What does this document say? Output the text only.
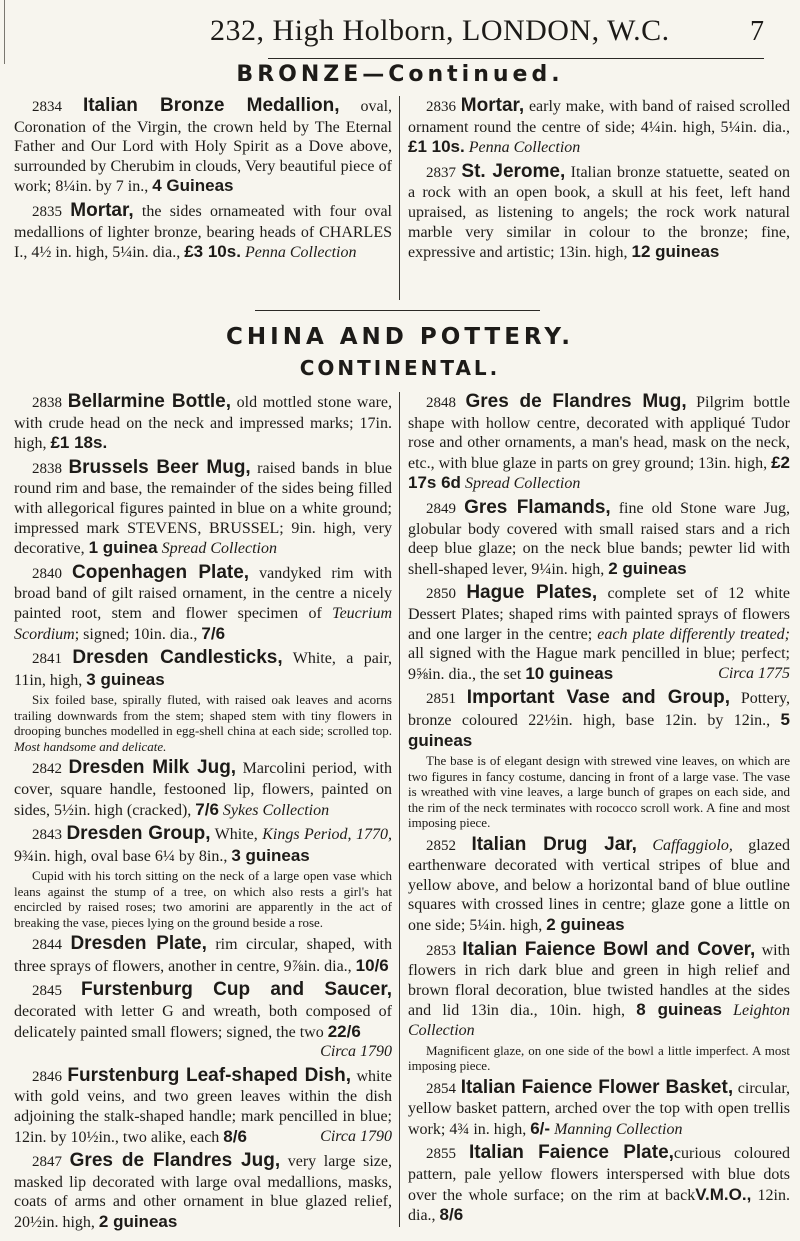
232, High Holborn, LONDON, W.C.	7
BRONZE—Continued.

2834 Italian Bronze Medallion, oval, Coronation of the Virgin, the crown held by The Eternal Father and Our Lord with Holy Spirit as a Dove above, surrounded by Cherubim in clouds, Very beautiful piece of work; 8¼in. by 7 in., 4 Guineas

2835 Mortar, the sides ornameated with four oval medallions of lighter bronze, bearing heads of CHARLES I., 4½ in. high, 5¼in. dia., £3 10s. Penna Collection

2836 Mortar, early make, with band of raised scrolled ornament round the centre of side; 4¼in. high, 5¼in. dia., £1 10s. Penna Collection

2837 St. Jerome, Italian bronze statuette, seated on a rock with an open book, a skull at his feet, left hand upraised, as listening to angels; the rock work natural marble very similar in colour to the bronze; fine, expressive and artistic; 13in. high, 12 guineas

CHINA AND POTTERY.
CONTINENTAL.

2838 Bellarmine Bottle, old mottled stone ware, with crude head on the neck and impressed marks; 17in. high, £1 18s.

2838 Brussels Beer Mug, raised bands in blue round rim and base, the remainder of the sides being filled with allegorical figures painted in blue on a white ground; impressed mark STEVENS, BRUSSEL; 9in. high, very decorative, 1 guinea Spread Collection

2840 Copenhagen Plate, vandyked rim with broad band of gilt raised ornament, in the centre a nicely painted root, stem and flower specimen of Teucrium Scordium; signed; 10in. dia., 7/6

2841 Dresden Candlesticks, White, a pair, 11in, high, 3 guineas

Six foiled base, spirally fluted, with raised oak leaves and acorns trailing downwards from the stem; shaped stem with tiny flowers in drooping bunches modelled in egg-shell china at each side; scrolled top. Most handsome and delicate.

2842 Dresden Milk Jug, Marcolini period, with cover, square handle, festooned lip, flowers, painted on sides, 5½in. high (cracked), 7/6 Sykes Collection

2843 Dresden Group, White, Kings Period, 1770, 9¾in. high, oval base 6¼ by 8in., 3 guineas

Cupid with his torch sitting on the neck of a large open vase which leans against the stump of a tree, on which also rests a girl's hat encircled by raised roses; two amorini are apparently in the act of breaking the vase, pieces lying on the ground beside a rose.

2844 Dresden Plate, rim circular, shaped, with three sprays of flowers, another in centre, 9⅞in. dia., 10/6

2845 Furstenburg Cup and Saucer, decorated with letter G and wreath, both composed of delicately painted small flowers; signed, the two 22/6
Circa 1790

2846 Furstenburg Leaf-shaped Dish, white with gold veins, and two green leaves within the dish adjoining the stalk-shaped handle; mark pencilled in blue; 12in. by 10½in., two alike, each 8/6	Circa 1790

2847 Gres de Flandres Jug, very large size, masked lip decorated with large oval medallions, masks, coats of arms and other ornament in blue glazed relief, 20½in. high, 2 guineas

2848 Gres de Flandres Mug, Pilgrim bottle shape with hollow centre, decorated with appliqué Tudor rose and other ornaments, a man's head, mask on the neck, etc., with blue glaze in parts on grey ground; 13in. high, £2 17s 6d Spread Collection

2849 Gres Flamands, fine old Stone ware Jug, globular body covered with small raised stars and a rich deep blue glaze; on the neck blue bands; pewter lid with shell-shaped lever, 9¼in. high, 2 guineas

2850 Hague Plates, complete set of 12 white Dessert Plates; shaped rims with painted sprays of flowers and one larger in the centre; each plate differently treated; all signed with the Hague mark pencilled in blue; perfect; 9⅝in. dia., the set 10 guineas	Circa 1775

2851 Important Vase and Group, Pottery, bronze coloured 22½in. high, base 12in. by 12in., 5 guineas

The base is of elegant design with strewed vine leaves, on which are two figures in fancy costume, dancing in front of a large vase. The vase is wreathed with vine leaves, a large bunch of grapes on each side, and the rim of the neck terminates with rococco scroll work. A fine and most imposing piece.

2852 Italian Drug Jar, Caffaggiolo, glazed earthenware decorated with vertical stripes of blue and yellow above, and below a horizontal band of blue outline squares with crossed lines in centre; glaze gone a little on one side; 5¼in. high, 2 guineas

2853 Italian Faience Bowl and Cover, with flowers in rich dark blue and green in high relief and brown floral decoration, blue twisted handles at the sides and lid 13in dia., 10in. high, 8 guineas Leighton Collection

Magnificent glaze, on one side of the bowl a little imperfect. A most imposing piece.

2854 Italian Faience Flower Basket, circular, yellow basket pattern, arched over the top with open trellis work; 4¾ in. high, 6/- Manning Collection

2855 Italian Faience Plate,curious coloured pattern, pale yellow flowers interspersed with blue dots over the whole surface; on the rim at backV.M.O., 12in. dia., 8/6
